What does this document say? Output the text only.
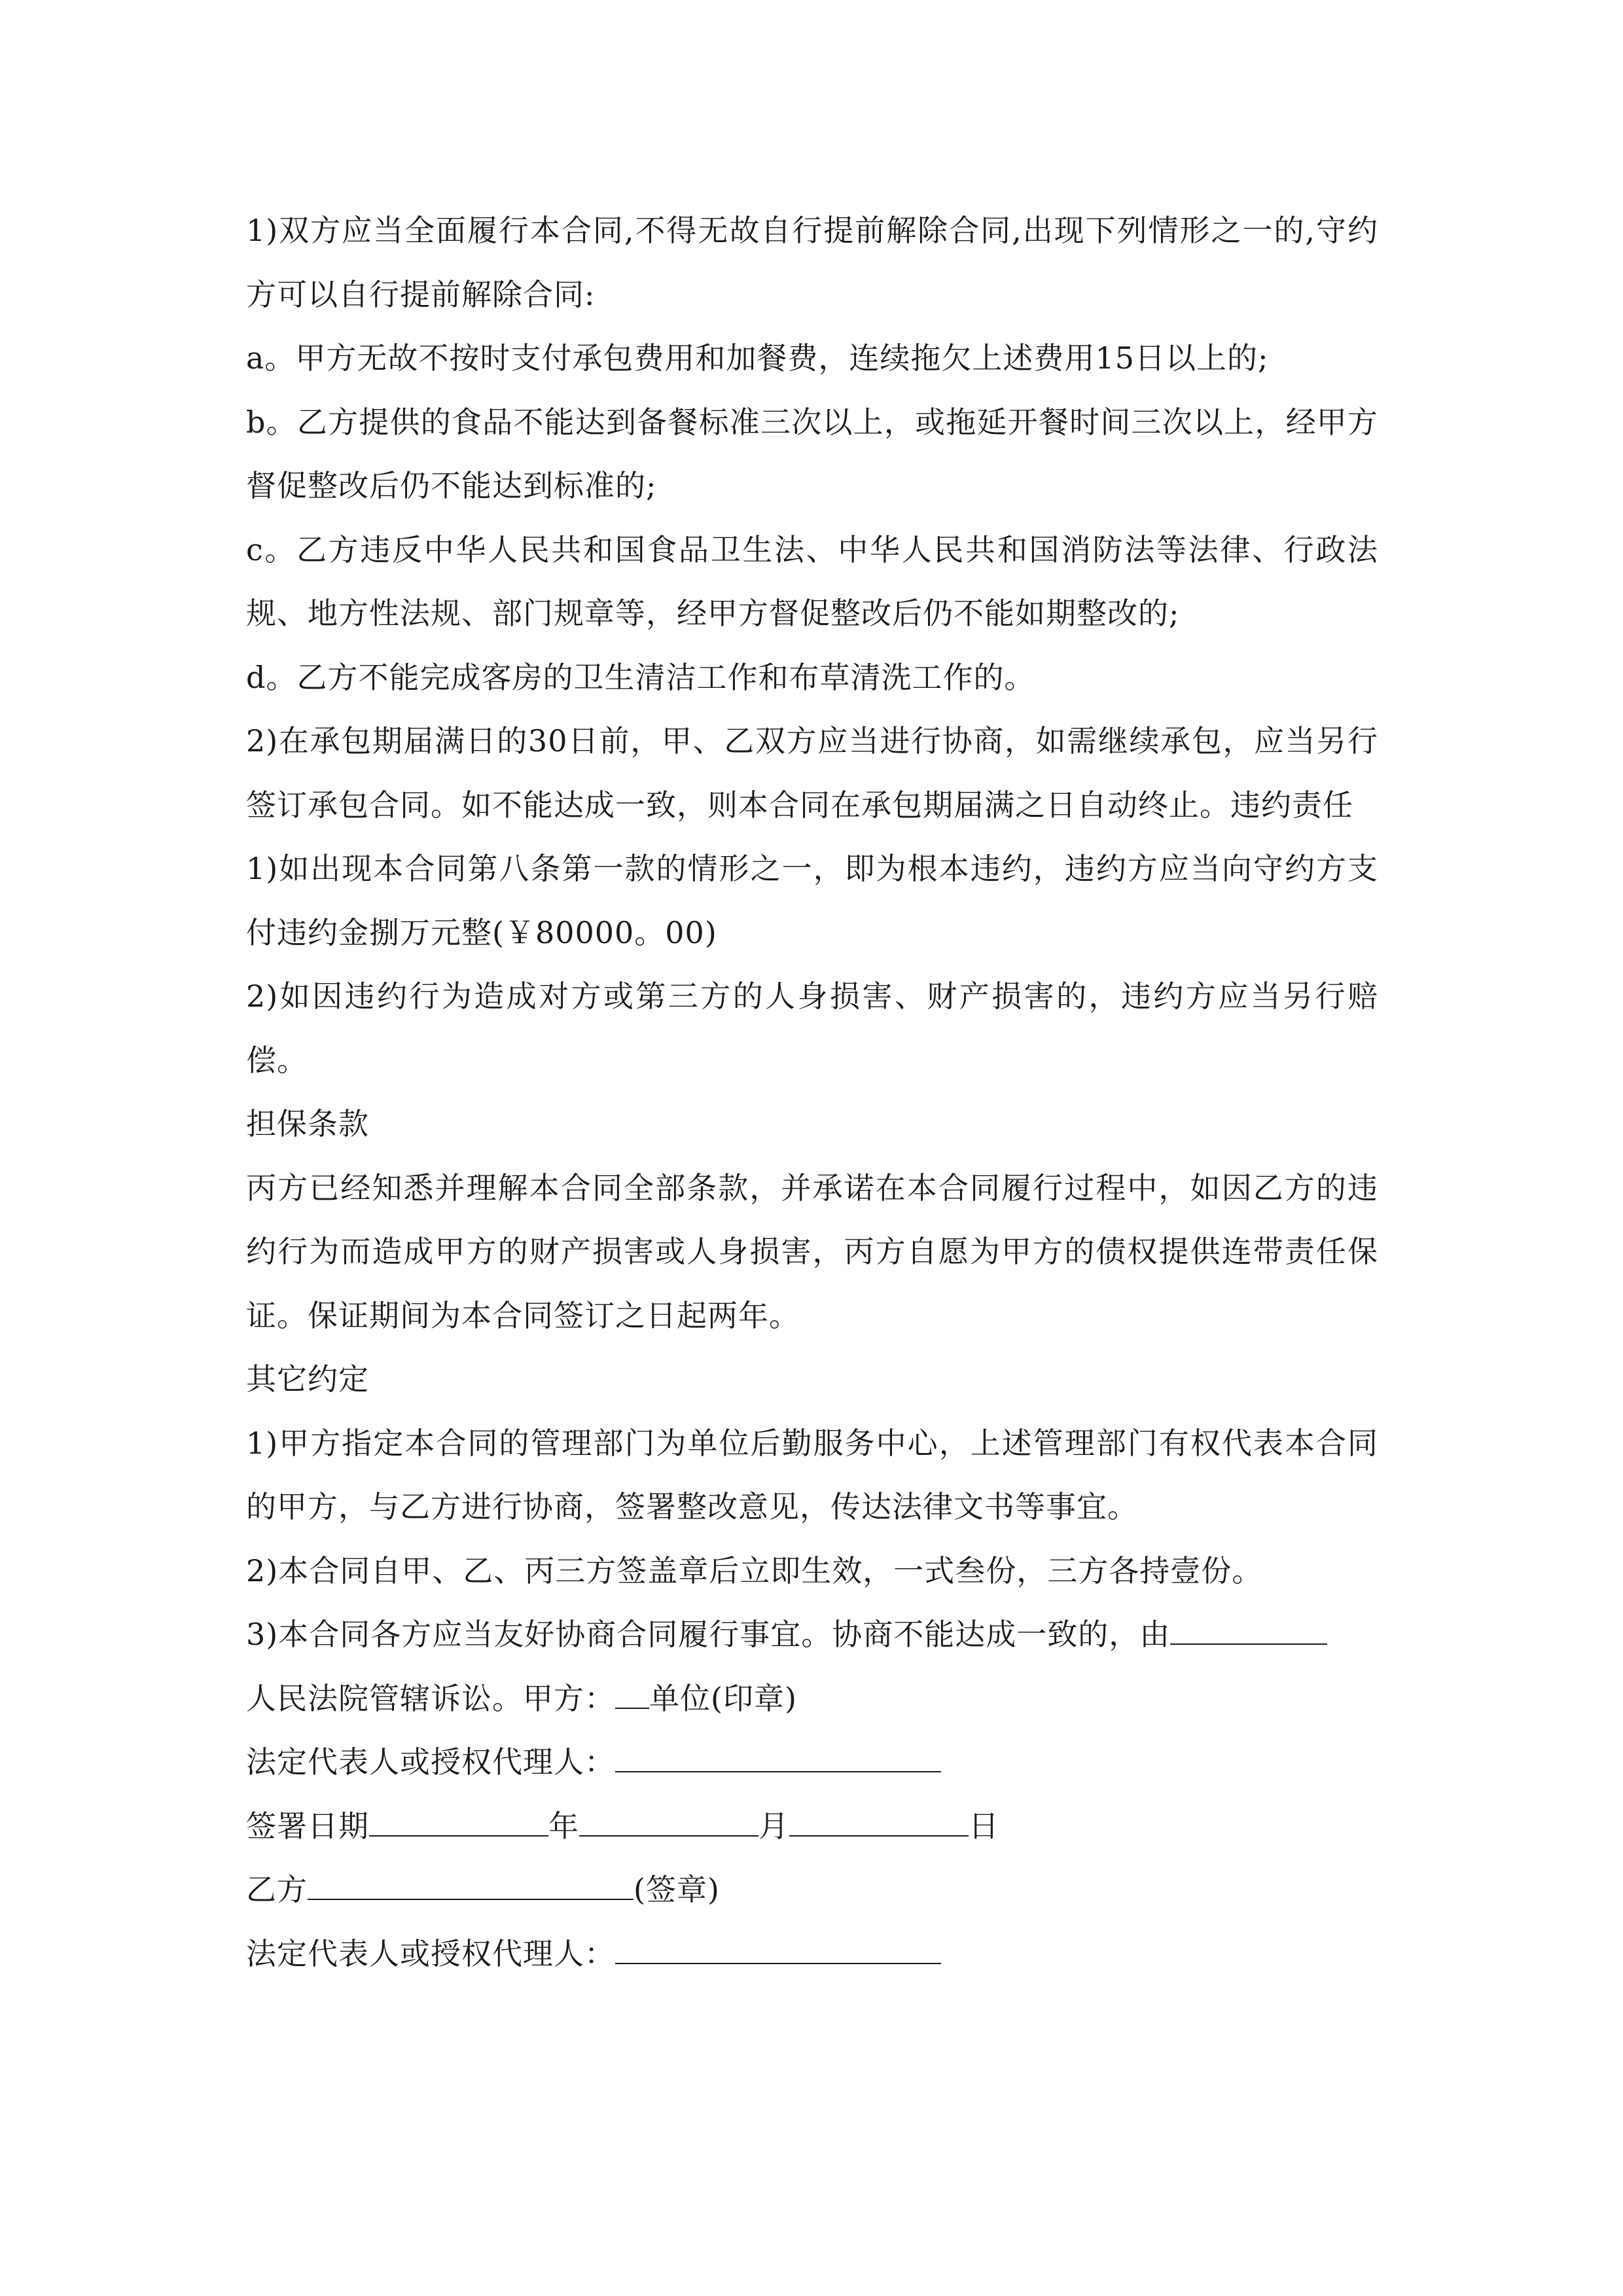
1)双方应当全面履行本合同,不得无故自行提前解除合同,出现下列情形之一的,守约方可以自行提前解除合同:

a。甲方无故不按时支付承包费用和加餐费，连续拖欠上述费用15日以上的;

b。乙方提供的食品不能达到备餐标准三次以上，或拖延开餐时间三次以上，经甲方督促整改后仍不能达到标准的;

c。乙方违反中华人民共和国食品卫生法、中华人民共和国消防法等法律、行政法规、地方性法规、部门规章等，经甲方督促整改后仍不能如期整改的;

d。乙方不能完成客房的卫生清洁工作和布草清洗工作的。

2)在承包期届满日的30日前，甲、乙双方应当进行协商，如需继续承包，应当另行签订承包合同。如不能达成一致，则本合同在承包期届满之日自动终止。违约责任

1)如出现本合同第八条第一款的情形之一，即为根本违约，违约方应当向守约方支付违约金捌万元整(￥80000。00)

2)如因违约行为造成对方或第三方的人身损害、财产损害的，违约方应当另行赔偿。

担保条款

丙方已经知悉并理解本合同全部条款，并承诺在本合同履行过程中，如因乙方的违约行为而造成甲方的财产损害或人身损害，丙方自愿为甲方的债权提供连带责任保证。保证期间为本合同签订之日起两年。

其它约定

1)甲方指定本合同的管理部门为单位后勤服务中心，上述管理部门有权代表本合同的甲方，与乙方进行协商，签署整改意见，传达法律文书等事宜。

2)本合同自甲、乙、丙三方签盖章后立即生效，一式叁份，三方各持壹份。

3)本合同各方应当友好协商合同履行事宜。协商不能达成一致的，由

人民法院管辖诉讼。甲方： 单位(印章)

法定代表人或授权代理人：

签署日期	年	月	日

乙方	(签章)

法定代表人或授权代理人：
